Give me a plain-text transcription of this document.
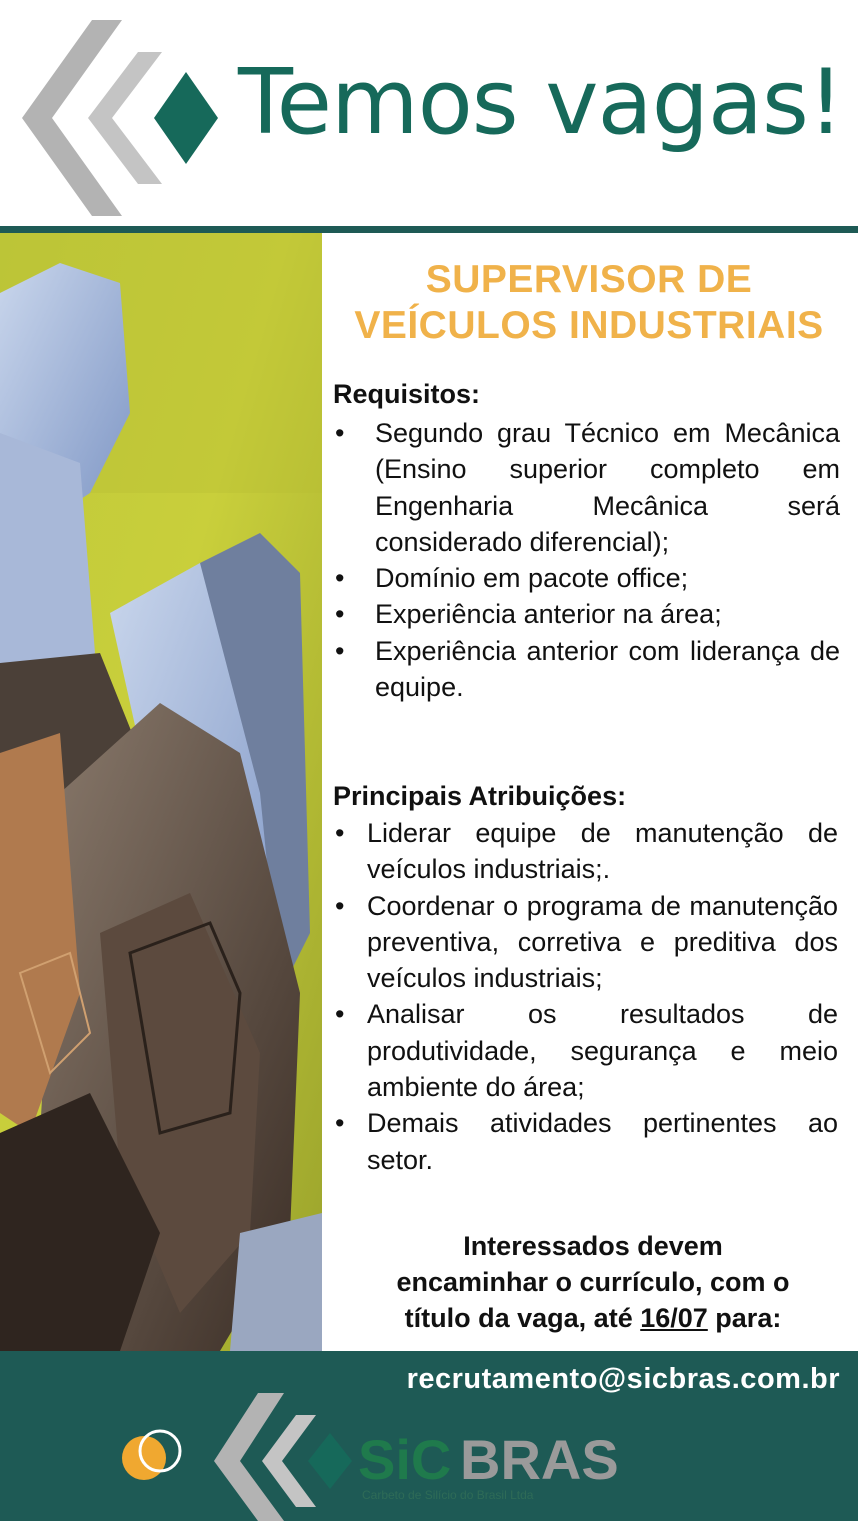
Temos vagas!
SUPERVISOR DE
VEÍCULOS INDUSTRIAIS
Requisitos:
• Segundo grau Técnico em Mecânica (Ensino superior completo em Engenharia Mecânica será considerado diferencial);
• Domínio em pacote office;
• Experiência anterior na área;
• Experiência anterior com liderança de equipe.
Principais Atribuições:
• Liderar equipe de manutenção de veículos industriais;.
• Coordenar o programa de manutenção preventiva, corretiva e preditiva dos veículos industriais;
• Analisar os resultados de produtividade, segurança e meio ambiente do área;
• Demais atividades pertinentes ao setor.
Interessados devem
encaminhar o currículo, com o
título da vaga, até 16/07 para:
recrutamento@sicbras.com.br
SiC BRAS
Carbeto de Silício do Brasil Ltda
